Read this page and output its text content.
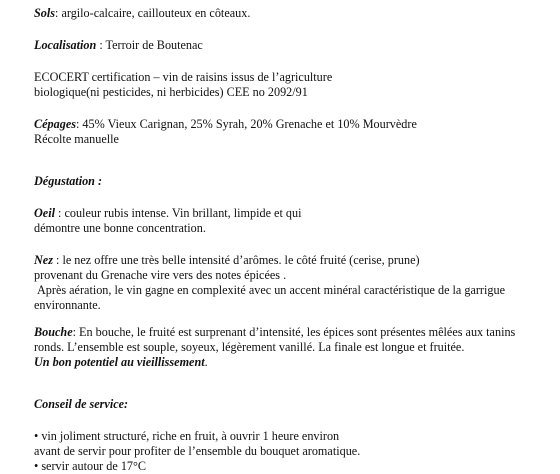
Sols: argilo-calcaire, caillouteux en côteaux.

Localisation : Terroir de Boutenac

ECOCERT certification – vin de raisins issus de l’agriculture

biologique(ni pesticides, ni herbicides) CEE no 2092/91

Cépages: 45% Vieux Carignan, 25% Syrah, 20% Grenache et 10% Mourvèdre

Récolte manuelle

Dégustation :

Oeil : couleur rubis intense. Vin brillant, limpide et qui

démontre une bonne concentration.

Nez : le nez offre une très belle intensité d’arômes. le côté fruité (cerise, prune)

provenant du Grenache vire vers des notes épicées .

Après aération, le vin gagne en complexité avec un accent minéral caractéristique de la garrigue

environnante.

Bouche: En bouche, le fruité est surprenant d’intensité, les épices sont présentes mêlées aux tanins

ronds. L’ensemble est souple, soyeux, légèrement vanillé. La finale est longue et fruitée.

Un bon potentiel au vieillissement.

Conseil de service:

• vin joliment structuré, riche en fruit, à ouvrir 1 heure environ

avant de servir pour profiter de l’ensemble du bouquet aromatique.

• servir autour de 17°C
